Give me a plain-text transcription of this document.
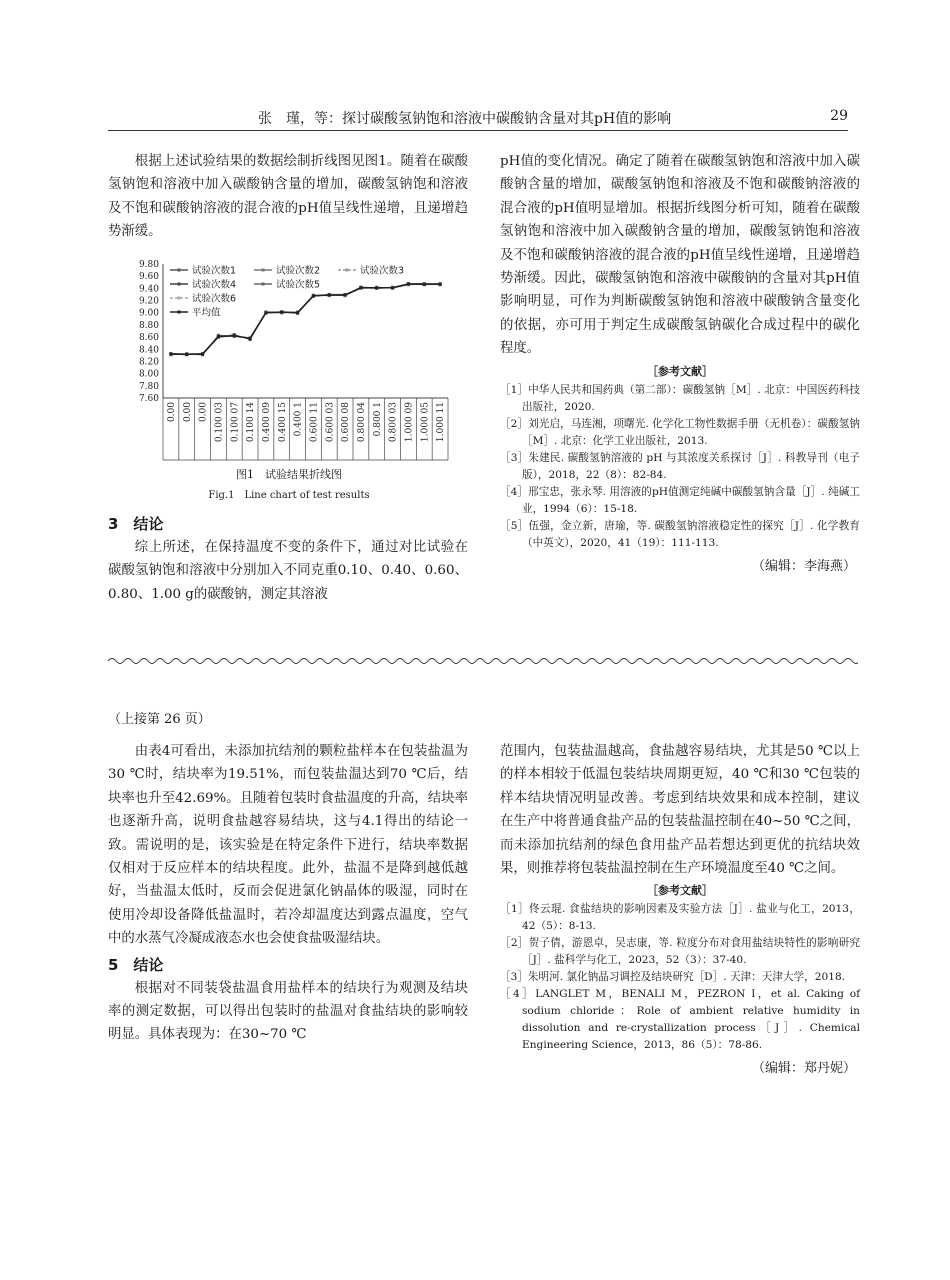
张　瑾，等：探讨碳酸氢钠饱和溶液中碳酸钠含量对其pH值的影响	29

根据上述试验结果的数据绘制折线图见图1。随着在碳酸氢钠饱和溶液中加入碳酸钠含量的增加，碳酸氢钠饱和溶液及不饱和碳酸钠溶液的混合液的pH值呈线性递增，且递增趋势渐缓。

9.80
9.60
9.40
9.20
9.00
8.80
8.60
8.40
8.20
8.00
7.80
7.60
0.00 0.00 0.00 0.100 03 0.100 07 0.100 14 0.400 09 0.400 15 0.400 1 0.600 11 0.600 03 0.600 08 0.800 04 0.800 1 0.800 03 1.000 09 1.000 05 1.000 11
试验次数1	试验次数2	试验次数3
试验次数4	试验次数5
试验次数6
平均值
图1　试验结果折线图
Fig.1　Line chart of test results

3　结论

综上所述，在保持温度不变的条件下，通过对比试验在碳酸氢钠饱和溶液中分别加入不同克重0.10、0.40、0.60、0.80、1.00 g的碳酸钠，测定其溶液

pH值的变化情况。确定了随着在碳酸氢钠饱和溶液中加入碳酸钠含量的增加，碳酸氢钠饱和溶液及不饱和碳酸钠溶液的混合液的pH值明显增加。根据折线图分析可知，随着在碳酸氢钠饱和溶液中加入碳酸钠含量的增加，碳酸氢钠饱和溶液及不饱和碳酸钠溶液的混合液的pH值呈线性递增，且递增趋势渐缓。因此，碳酸氢钠饱和溶液中碳酸钠的含量对其pH值影响明显，可作为判断碳酸氢钠饱和溶液中碳酸钠含量变化的依据，亦可用于判定生成碳酸氢钠碳化合成过程中的碳化程度。

［参考文献］

［1］中华人民共和国药典（第二部）：碳酸氢钠［M］. 北京：中国医药科技出版社，2020.

［2］刘光启，马连湘，项曙光. 化学化工物性数据手册（无机卷）：碳酸氢钠［M］. 北京：化学工业出版社，2013.

［3］朱建民. 碳酸氢钠溶液的 pH 与其浓度关系探讨［J］. 科教导刊（电子版），2018，22（8）：82-84.

［4］邢宝忠，张永琴. 用溶液的pH值测定纯碱中碳酸氢钠含量［J］. 纯碱工业，1994（6）：15-18.

［5］伍强，金立新，唐瑜，等. 碳酸氢钠溶液稳定性的探究［J］. 化学教育（中英文），2020，41（19）：111-113.

（编辑：李海燕）

（上接第 26 页）

由表4可看出，未添加抗结剂的颗粒盐样本在包装盐温为30 ℃时，结块率为19.51%，而包装盐温达到70 ℃后，结块率也升至42.69%。且随着包装时食盐温度的升高，结块率也逐渐升高，说明食盐越容易结块，这与4.1得出的结论一致。需说明的是，该实验是在特定条件下进行，结块率数据仅相对于反应样本的结块程度。此外，盐温不是降到越低越好，当盐温太低时，反而会促进氯化钠晶体的吸湿，同时在使用冷却设备降低盐温时，若冷却温度达到露点温度，空气中的水蒸气冷凝成液态水也会使食盐吸湿结块。

5　结论

根据对不同装袋盐温食用盐样本的结块行为观测及结块率的测定数据，可以得出包装时的盐温对食盐结块的影响较明显。具体表现为：在30~70 ℃

范围内，包装盐温越高，食盐越容易结块，尤其是50 ℃以上的样本相较于低温包装结块周期更短，40 ℃和30 ℃包装的样本结块情况明显改善。考虑到结块效果和成本控制，建议在生产中将普通食盐产品的包装盐温控制在40~50 ℃之间，而未添加抗结剂的绿色食用盐产品若想达到更优的抗结块效果，则推荐将包装盐温控制在生产环境温度至40 ℃之间。

［参考文献］

［1］佟云琨. 食盐结块的影响因素及实验方法［J］. 盐业与化工，2013，42（5）：8-13.

［2］贺子倩，游恩卓，吴志康，等. 粒度分布对食用盐结块特性的影响研究［J］. 盐科学与化工，2023，52（3）：37-40.

［3］朱明河. 氯化钠晶习调控及结块研究［D］. 天津：天津大学，2018.

［4］LANGLET M，BENALI M，PEZRON I，et al. Caking of sodium chloride：Role of ambient relative humidity in dissolution and re-crystallization process［J］. Chemical Engineering Science，2013，86（5）：78-86.

（编辑：郑丹妮）
